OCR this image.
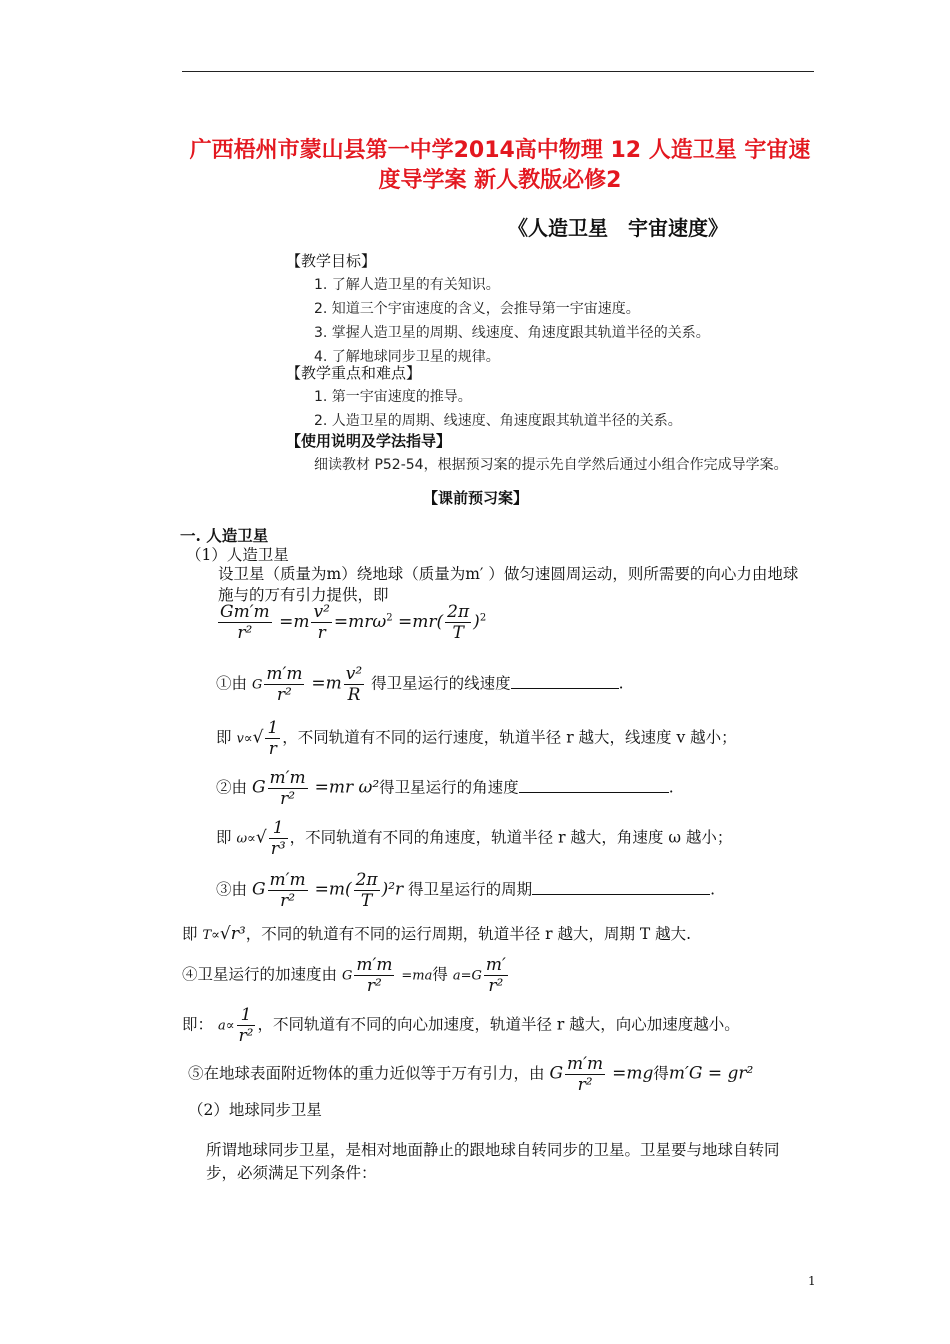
广西梧州市蒙山县第一中学2014高中物理 12 人造卫星 宇宙速度导学案 新人教版必修2
《人造卫星　宇宙速度》
【教学目标】
1. 了解人造卫星的有关知识。
2. 知道三个宇宙速度的含义，会推导第一宇宙速度。
3. 掌握人造卫星的周期、线速度、角速度跟其轨道半径的关系。
4. 了解地球同步卫星的规律。
【教学重点和难点】
1. 第一宇宙速度的推导。
2. 人造卫星的周期、线速度、角速度跟其轨道半径的关系。
【使用说明及学法指导】
细读教材 P52-54，根据预习案的提示先自学然后通过小组合作完成导学案。
【课前预习案】
一. 人造卫星
（1）人造卫星
设卫星（质量为m）绕地球（质量为m′ ）做匀速圆周运动，则所需要的向心力由地球
施与的万有引力提供，即
$\frac{Gm'm}{\text{r²}} =m \frac{\text{v²}}{r} =mr\omega^2 =mr( \frac{2\pi}{T} )^2$
①由 G $\frac{m'm}{\text{r²}} =m \frac{\text{v²}}{R}$ 得卫星运行的线速度	.
即 $v\propto√ \frac{1}{r}$ ，不同轨道有不同的运行速度，轨道半径 r 越大，线速度 v 越小；
②由 G $\frac{m'm}{\text{r²}} =mr$ ω²得卫星运行的角速度	.
即 $\omega\propto√ \frac{1}{\text{r³}}$ ，不同轨道有不同的角速度，轨道半径 r 越大，角速度 ω 越小；
③由 G $\frac{m'm}{\text{r²}} =m( \frac{2\pi}{T} )^2r$ 得卫星运行的周期	.
即 T∝√r³，不同的轨道有不同的运行周期，轨道半径 r 越大，周期 T 越大.
④卫星运行的加速度由 G $\frac{m'm}{\text{r²}} =ma$得 $a=G \frac{m'}{\text{r²}}$
即： $a\propto \frac{1}{\text{r²}}$ ，不同轨道有不同的向心加速度，轨道半径 r 越大，向心加速度越小。
⑤在地球表面附近物体的重力近似等于万有引力，由 G $\frac{m'm}{\text{r²}} =mg$得m′G = gr²
（2）地球同步卫星
所谓地球同步卫星，是相对地面静止的跟地球自转同步的卫星。卫星要与地球自转同
步，必须满足下列条件：
1
